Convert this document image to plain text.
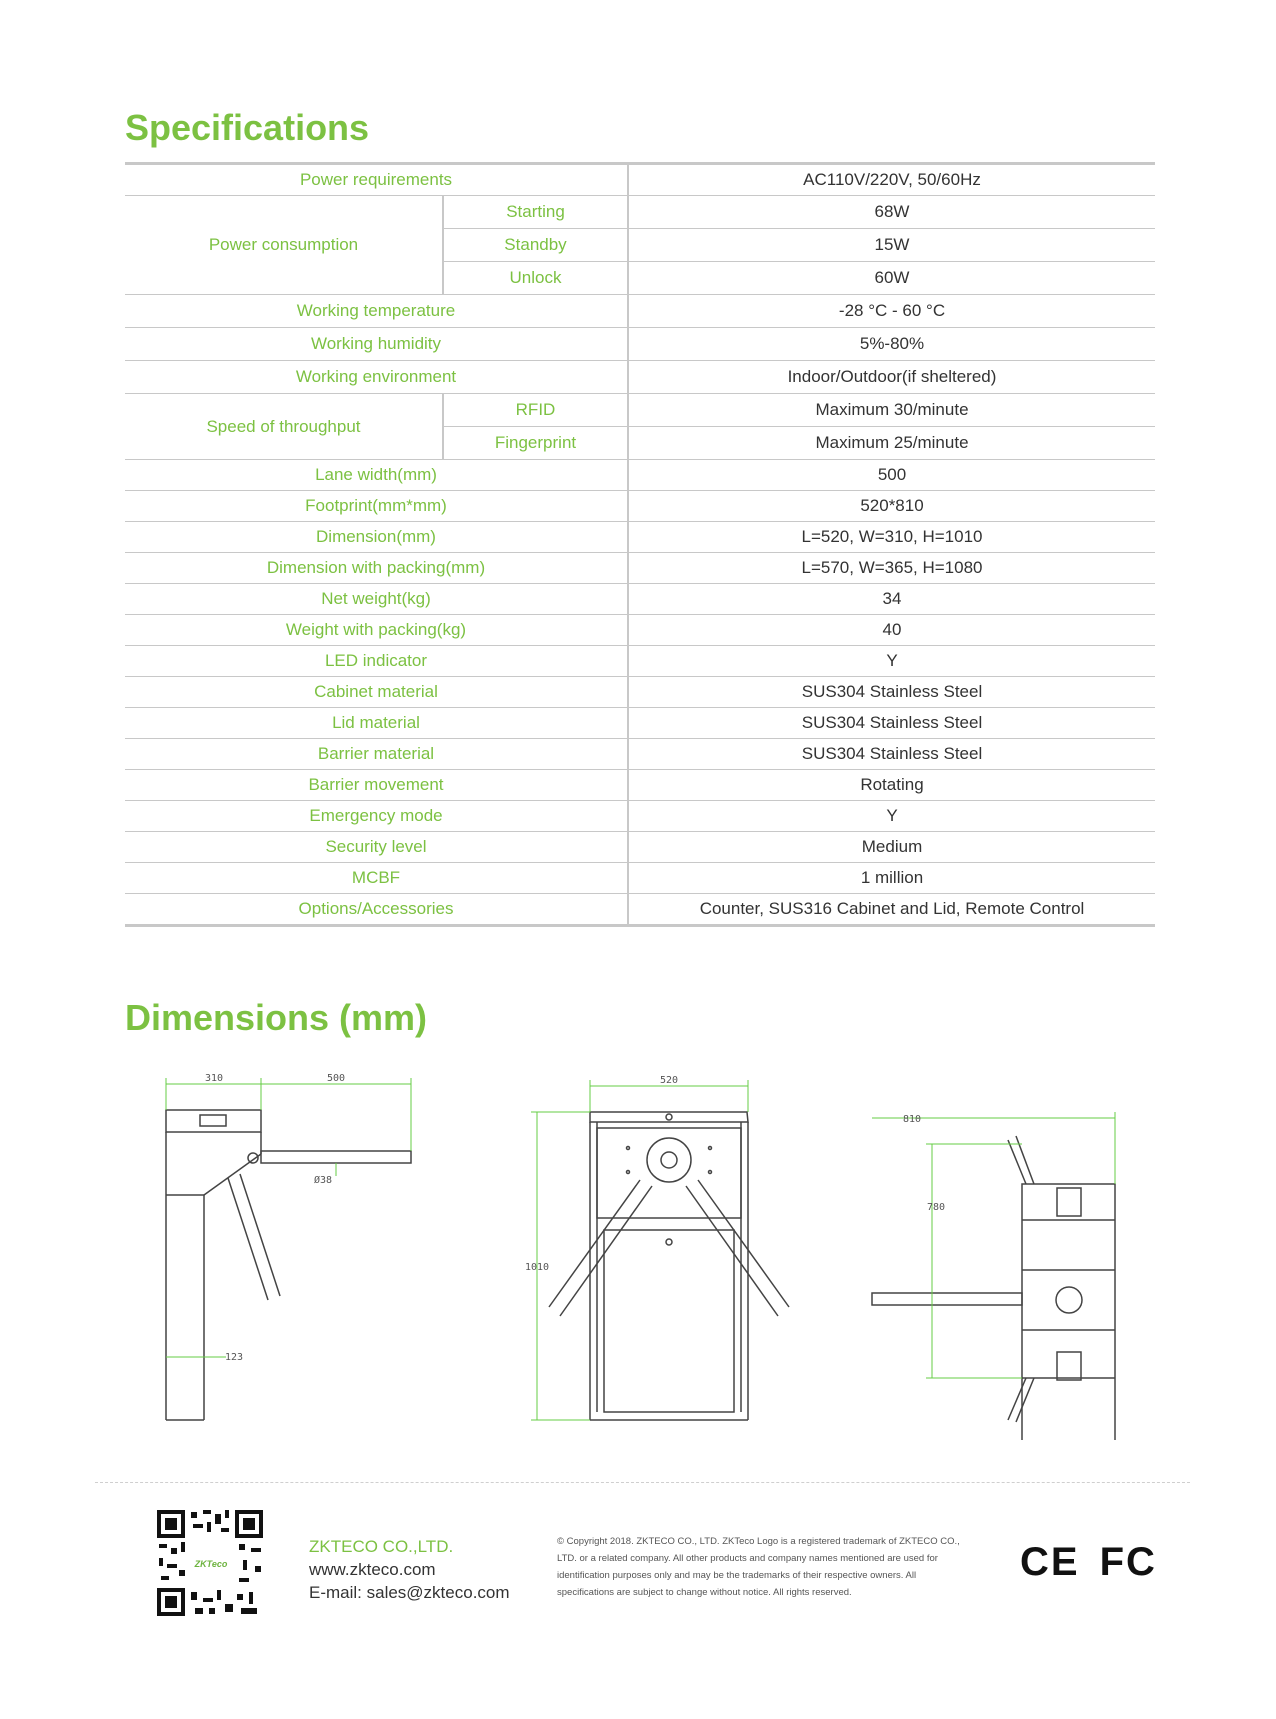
Specifications
Power requirements		AC110V/220V, 50/60Hz
Power consumption	Starting	68W
	Standby	15W
	Unlock	60W
Working temperature		-28 °C - 60 °C
Working humidity		5%-80%
Working environment		Indoor/Outdoor(if sheltered)
Speed of throughput	RFID	Maximum 30/minute
	Fingerprint	Maximum 25/minute
Lane width(mm)		500
Footprint(mm*mm)		520*810
Dimension(mm)		L=520, W=310, H=1010
Dimension with packing(mm)		L=570, W=365, H=1080
Net weight(kg)		34
Weight with packing(kg)		40
LED indicator		Y
Cabinet material		SUS304 Stainless Steel
Lid material		SUS304 Stainless Steel
Barrier material		SUS304 Stainless Steel
Barrier movement		Rotating
Emergency mode		Y
Security level		Medium
MCBF		1 million
Options/Accessories		Counter, SUS316 Cabinet and Lid, Remote Control
Dimensions (mm)
310	500
Ø38
123
520
1010
810
780
ZKTeco
ZKTECO CO.,LTD.
www.zkteco.com
E-mail: sales@zkteco.com
© Copyright 2018. ZKTECO CO., LTD. ZKTeco Logo is a registered trademark of ZKTECO CO., LTD. or a related company. All other products and company names mentioned are used for identification purposes only and may be the trademarks of their respective owners. All specifications are subject to change without notice. All rights reserved.
CE FC
